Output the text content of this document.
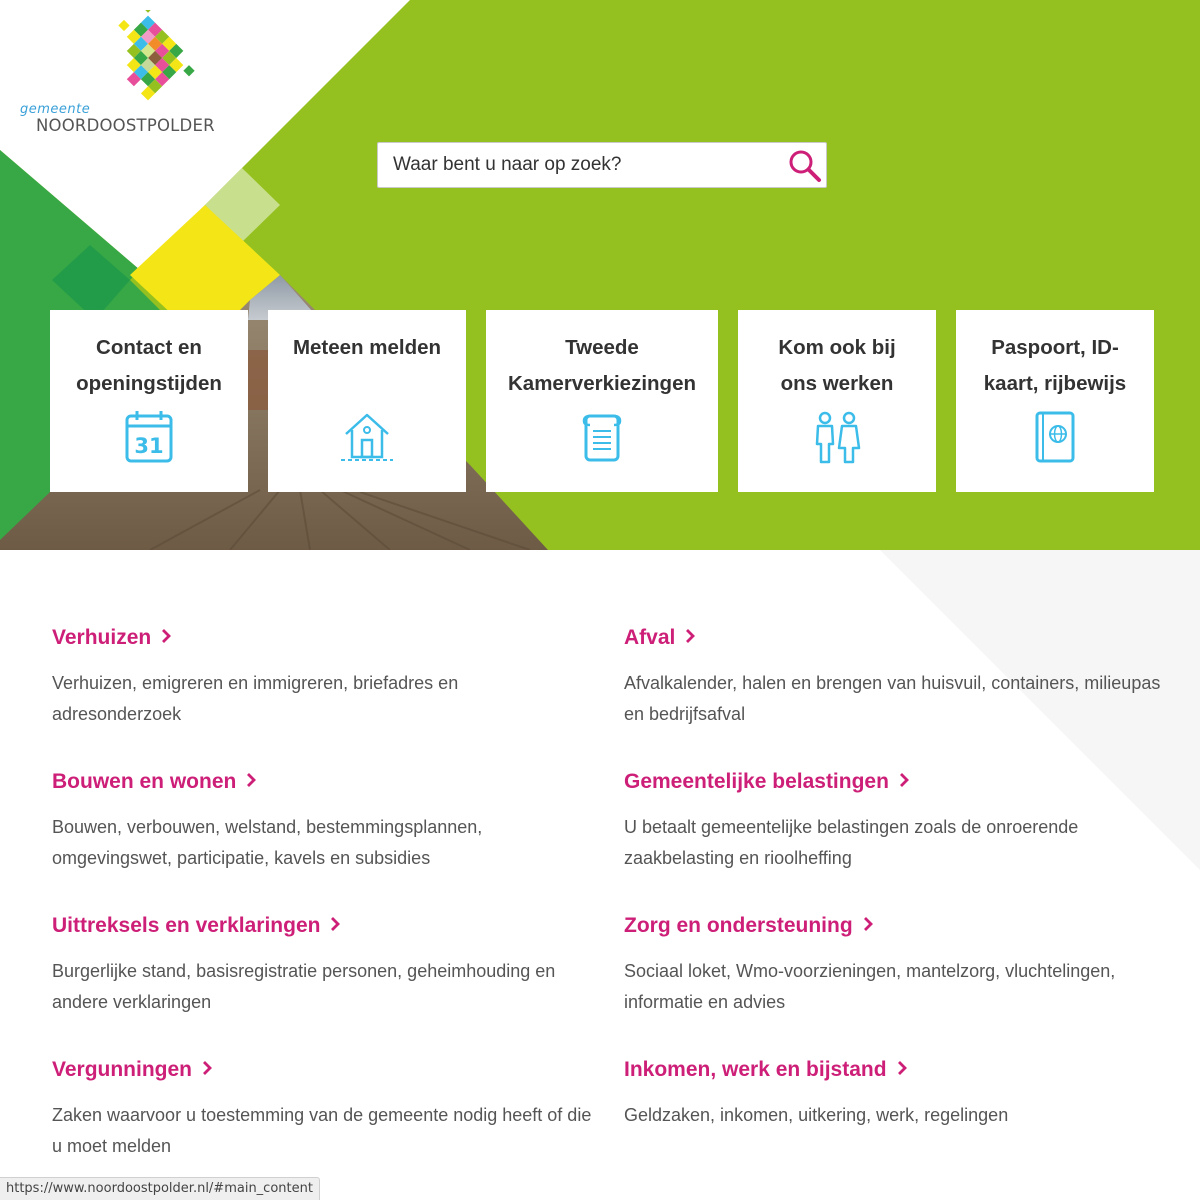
gemeente
NOORDOOSTPOLDER
Waar bent u naar op zoek?
Contact en
openingstijden
31
Meteen melden	Tweede
Kamerverkiezingen
Kom ook bij
ons werken
Paspoort, ID-
kaart, rijbewijs
Verhuizen

Verhuizen, emigreren en immigreren, briefadres en adresonderzoek

Afval

Afvalkalender, halen en brengen van huisvuil, containers, milieupas en bedrijfsafval

Bouwen en wonen

Bouwen, verbouwen, welstand, bestemmingsplannen, omgevingswet, participatie, kavels en subsidies

Gemeentelijke belastingen

U betaalt gemeentelijke belastingen zoals de onroerende zaakbelasting en rioolheffing

Uittreksels en verklaringen

Burgerlijke stand, basisregistratie personen, geheimhouding en andere verklaringen

Zorg en ondersteuning

Sociaal loket, Wmo-voorzieningen, mantelzorg, vluchtelingen, informatie en advies

Vergunningen

Zaken waarvoor u toestemming van de gemeente nodig heeft of die u moet melden

Inkomen, werk en bijstand

Geldzaken, inkomen, uitkering, werk, regelingen

https://www.noordoostpolder.nl/#main_content
